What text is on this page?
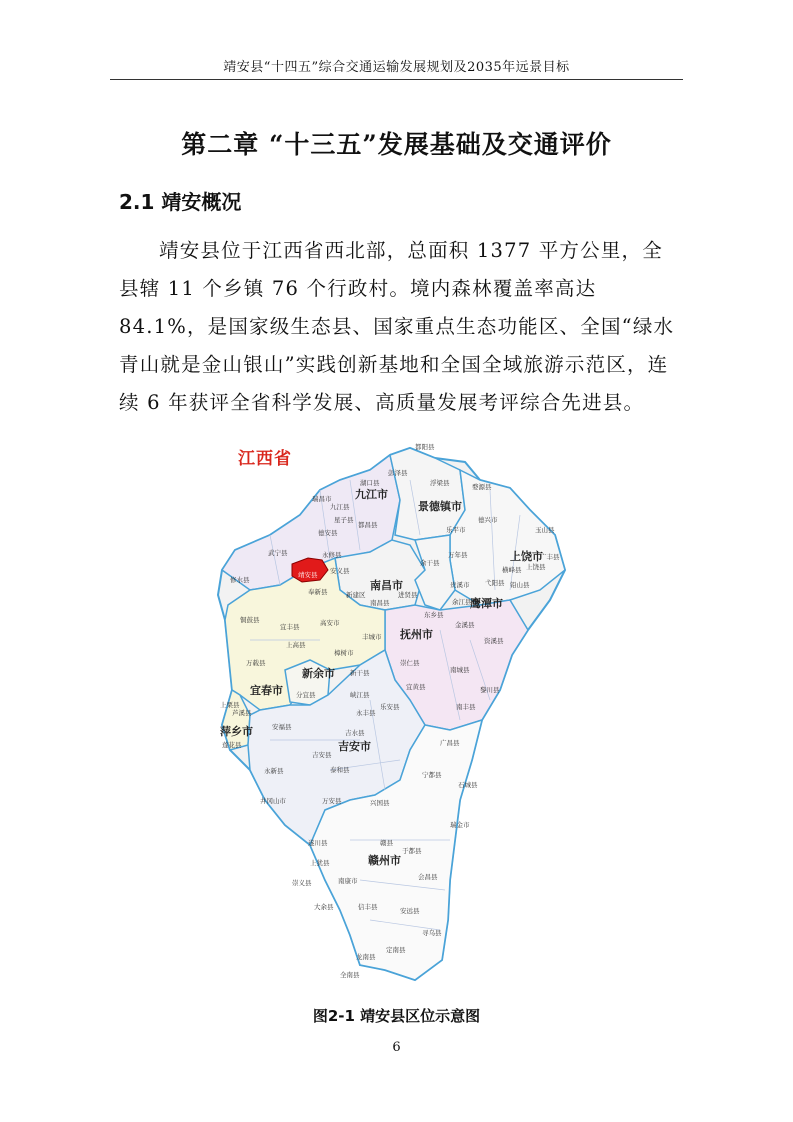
靖安县“十四五”综合交通运输发展规划及2035年远景目标
第二章 “十三五”发展基础及交通评价
2.1 靖安概况

靖安县位于江西省西北部，总面积 1377 平方公里，全县辖 11 个乡镇 76 个行政村。境内森林覆盖率高达 84.1%，是国家级生态县、国家重点生态功能区、全国“绿水青山就是金山银山”实践创新基地和全国全域旅游示范区，连续 6 年获评全省科学发展、高质量发展考评综合先进县。

江西省
九江市
景德镇市
南昌市
上饶市
鹰潭市
抚州市
新余市
宜春市
萍乡市
吉安市
赣州市
彭泽县
湖口县
九江县
瑞昌市
星子县
都昌县
浮梁县	婺源县
德安县
永修县
武宁县
修水县
靖安县 安义县
奉新县	新建区
南昌县
进贤县
余干县
万年县
乐平市
德兴市
玉山县
广丰县
横峰县
铅山县
上饶县
弋阳县
贵溪市
余江县
东乡县
金溪县
资溪县
铜鼓县
宜丰县	高安市
上高县
丰城市
樟树市
万载县
新干县
崇仁县
南城县
黎川县
宜黄县
南丰县
分宜县	峡江县
乐安县
永丰县
芦溪县
上栗县
莲花县
安福县
吉水县
吉安县
泰和县
永新县
井冈山市	万安县
广昌县
宁都县
石城县
兴国县
遂川县
瑞金市
上犹县
于都县
赣县
会昌县
崇义县	南康市
大余县	信丰县	安远县
寻乌县
定南县
龙南县
全南县
都阳县
图2-1 靖安县区位示意图
6
